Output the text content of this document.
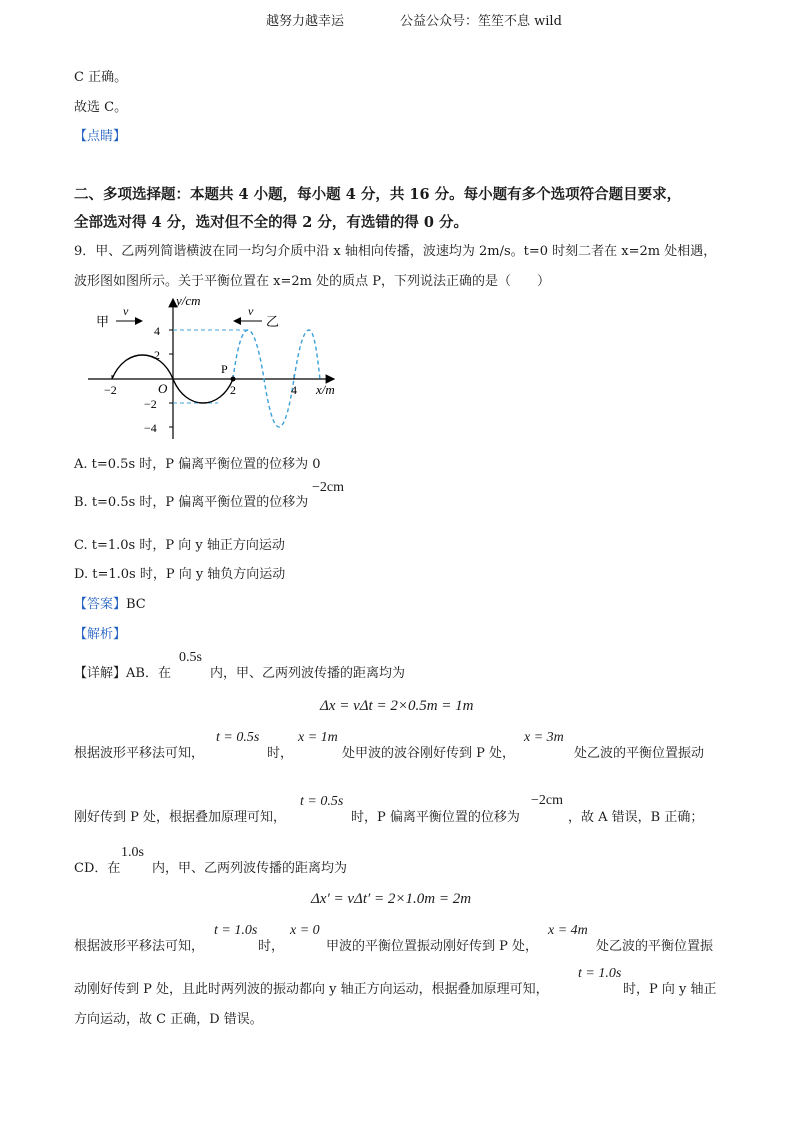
越努力越幸运	公益公众号：笙笙不息 wild
C 正确。
故选 C。
【点睛】
二、多项选择题：本题共 4 小题，每小题 4 分，共 16 分。每小题有多个选项符合题目要求，
全部选对得 4 分，选对但不全的得 2 分，有选错的得 0 分。
9．甲、乙两列简谐横波在同一均匀介质中沿 x 轴相向传播，波速均为 2m/s。t=0 时刻二者在 x=2m 处相遇，
波形图如图所示。关于平衡位置在 x=2m 处的质点 P，下列说法正确的是（　　）
y/cm
x/m
O
P
4
2
−2
−4
−2	2	4
甲
v	v
乙
A. t=0.5s 时，P 偏离平衡位置的位移为 0
B. t=0.5s 时，P 偏离平衡位置的位移为
−2cm
C. t=1.0s 时，P 向 y 轴正方向运动
D. t=1.0s 时，P 向 y 轴负方向运动
【答案】BC
【解析】
【详解】AB．在
0.5s
内，甲、乙两列波传播的距离均为
Δx = vΔt = 2×0.5m = 1m
根据波形平移法可知，
t = 0.5s
时，
x = 1m
处甲波的波谷刚好传到 P 处，
x = 3m
处乙波的平衡位置振动
刚好传到 P 处，根据叠加原理可知，
t = 0.5s
时，P 偏离平衡位置的位移为
−2cm
，故 A 错误，B 正确；
CD．在
1.0s
内，甲、乙两列波传播的距离均为
Δx′ = vΔt′ = 2×1.0m = 2m
根据波形平移法可知，
t = 1.0s
时，
x = 0
甲波的平衡位置振动刚好传到 P 处，
x = 4m
处乙波的平衡位置振
动刚好传到 P 处，且此时两列波的振动都向 y 轴正方向运动，根据叠加原理可知，
t = 1.0s
时，P 向 y 轴正
方向运动，故 C 正确，D 错误。
